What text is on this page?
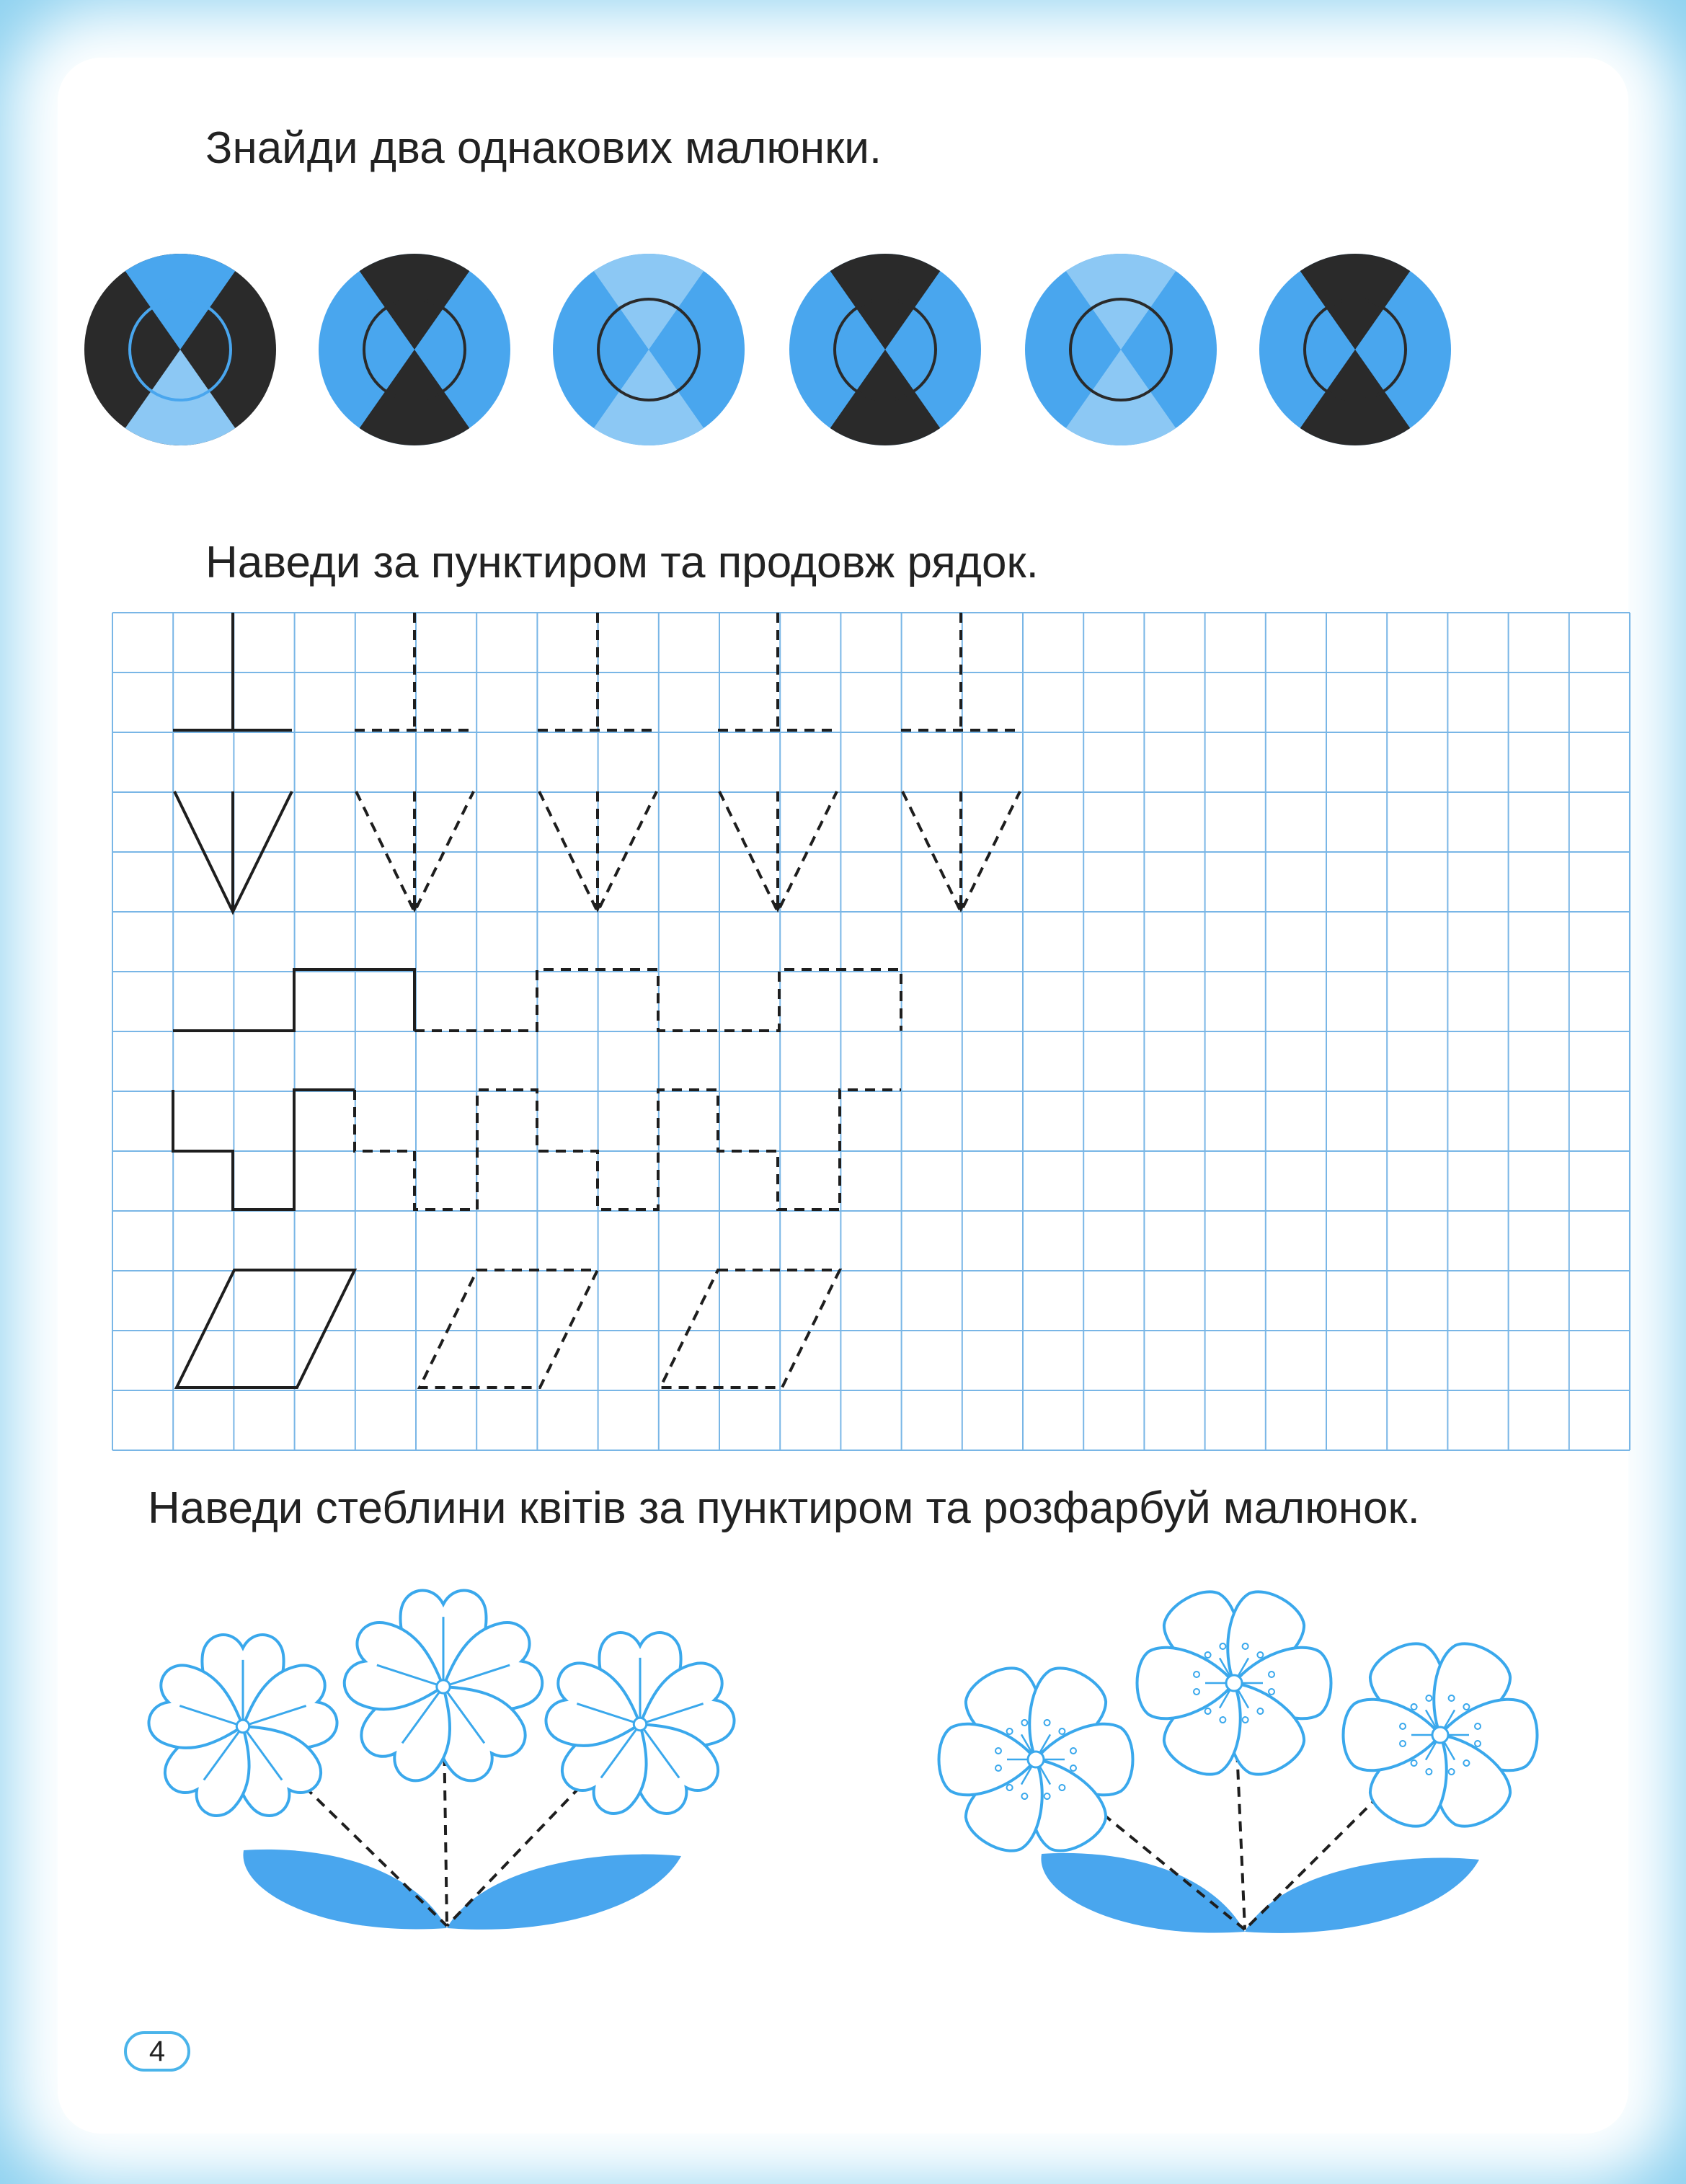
Знайди два однакових малюнки.
Наведи за пунктиром та продовж рядок.
Наведи стеблини квітів за пунктиром та розфарбуй малюнок.
4
